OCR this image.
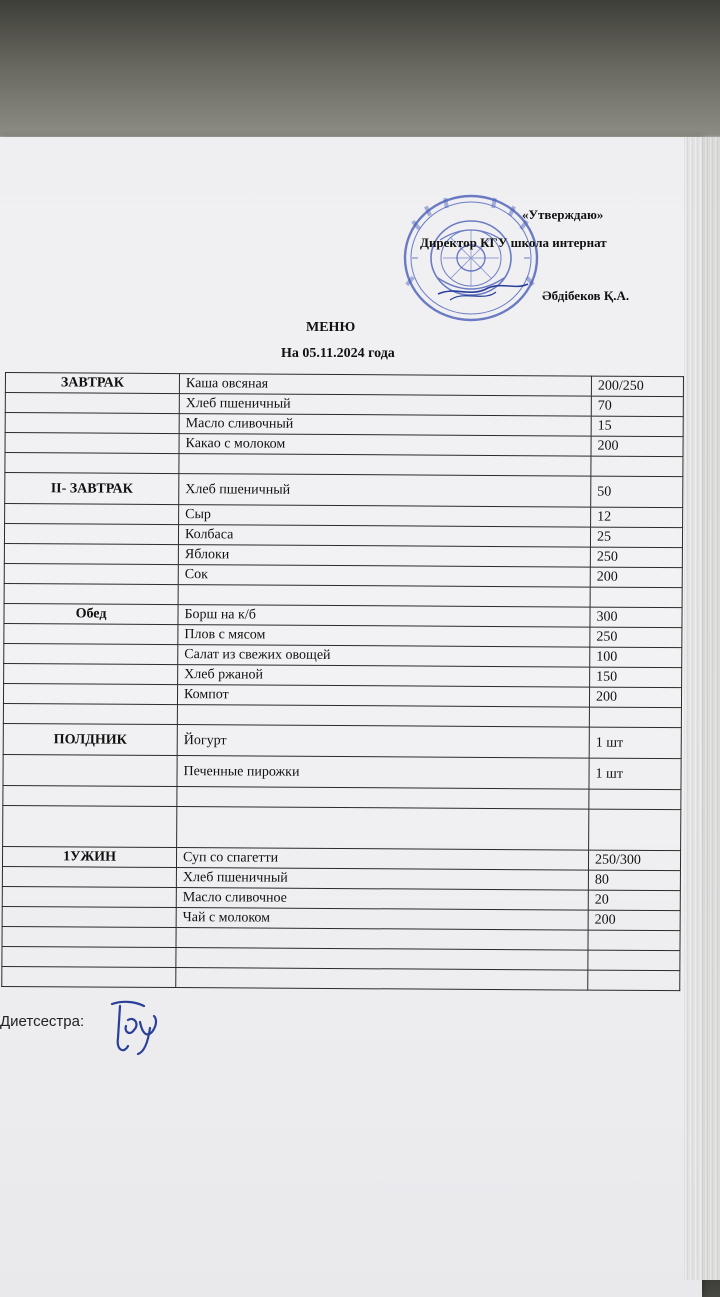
«Утверждаю»
Директор КГУ школа интернат
Әбдібеков Қ.А.
МЕНЮ
На 05.11.2024 года
ЗАВТРАК	Каша овсяная	200/250
	Хлеб пшеничный	70
	Масло сливочный	15
	Какао с молоком	200

II- ЗАВТРАК	Хлеб пшеничный	50
	Сыр	12
	Колбаса	25
	Яблоки	250
	Сок	200

Обед	Борш на к/б	300
	Плов с мясом	250
	Салат из свежих овощей	100
	Хлеб ржаной	150
	Компот	200

ПОЛДНИК	Йогурт	1 шт
	Печенные пирожки	1 шт

1УЖИН	Суп со спагетти	250/300
	Хлеб пшеничный	80
	Масло сливочное	20
	Чай с молоком	200

Диетсестра:
